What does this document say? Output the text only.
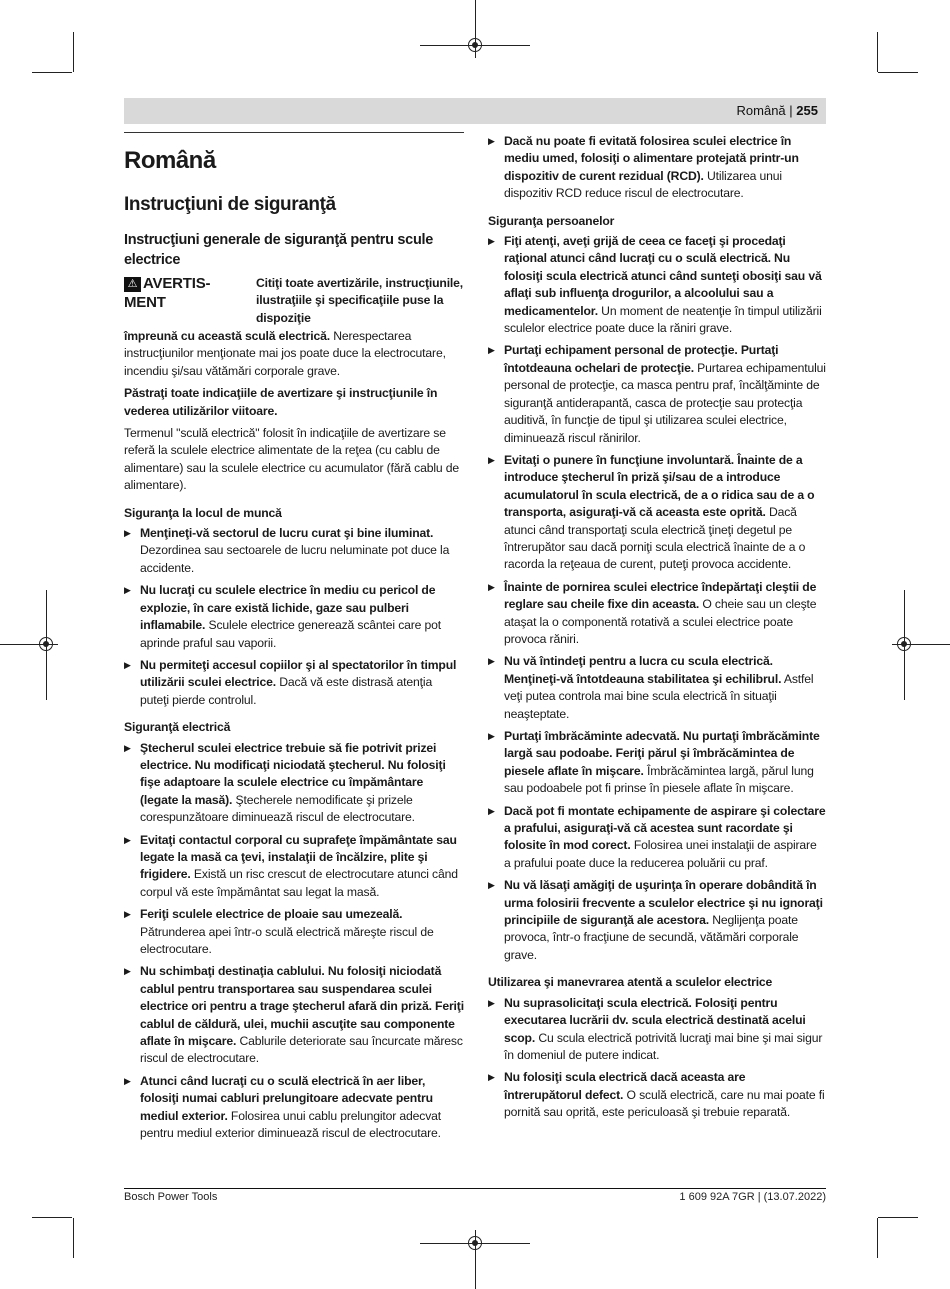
Română | 255
Română
Instrucţiuni de siguranţă
Instrucţiuni generale de siguranţă pentru scule electrice
⚠ AVERTIS-MENT
Citiţi toate avertizările, instrucţiunile, ilustraţiile şi specificaţiile puse la dispoziţie

împreună cu această sculă electrică. Nerespectarea instrucţiunilor menţionate mai jos poate duce la electrocutare, incendiu şi/sau vătămări corporale grave.

Păstraţi toate indicaţiile de avertizare şi instrucţiunile în vederea utilizărilor viitoare.

Termenul "sculă electrică" folosit în indicaţiile de avertizare se referă la sculele electrice alimentate de la reţea (cu cablu de alimentare) sau la sculele electrice cu acumulator (fără cablu de alimentare).

Siguranţa la locul de muncă
▶ Menţineţi-vă sectorul de lucru curat şi bine iluminat. Dezordinea sau sectoarele de lucru neluminate pot duce la accidente.
▶ Nu lucraţi cu sculele electrice în mediu cu pericol de explozie, în care există lichide, gaze sau pulberi inflamabile. Sculele electrice generează scântei care pot aprinde praful sau vaporii.
▶ Nu permiteţi accesul copiilor şi al spectatorilor în timpul utilizării sculei electrice. Dacă vă este distrasă atenţia puteţi pierde controlul.
Siguranţă electrică
▶ Ştecherul sculei electrice trebuie să fie potrivit prizei electrice. Nu modificaţi niciodată ştecherul. Nu folosiţi fişe adaptoare la sculele electrice cu împământare (legate la masă). Ştecherele nemodificate şi prizele corespunzătoare diminuează riscul de electrocutare.
▶ Evitaţi contactul corporal cu suprafeţe împământate sau legate la masă ca ţevi, instalaţii de încălzire, plite şi frigidere. Există un risc crescut de electrocutare atunci când corpul vă este împământat sau legat la masă.
▶ Feriţi sculele electrice de ploaie sau umezeală. Pătrunderea apei într-o sculă electrică măreşte riscul de electrocutare.
▶ Nu schimbaţi destinaţia cablului. Nu folosiţi niciodată cablul pentru transportarea sau suspendarea sculei electrice ori pentru a trage ştecherul afară din priză. Feriţi cablul de căldură, ulei, muchii ascuţite sau componente aflate în mişcare. Cablurile deteriorate sau încurcate măresc riscul de electrocutare.
▶ Atunci când lucraţi cu o sculă electrică în aer liber, folosiţi numai cabluri prelungitoare adecvate pentru mediul exterior. Folosirea unui cablu prelungitor adecvat pentru mediul exterior diminuează riscul de electrocutare.
▶ Dacă nu poate fi evitată folosirea sculei electrice în mediu umed, folosiţi o alimentare protejată printr-un dispozitiv de curent rezidual (RCD). Utilizarea unui dispozitiv RCD reduce riscul de electrocutare.
Siguranţa persoanelor
▶ Fiţi atenţi, aveţi grijă de ceea ce faceţi şi procedaţi raţional atunci când lucraţi cu o sculă electrică. Nu folosiţi scula electrică atunci când sunteţi obosiţi sau vă aflaţi sub influenţa drogurilor, a alcoolului sau a medicamentelor. Un moment de neatenţie în timpul utilizării sculelor electrice poate duce la răniri grave.
▶ Purtaţi echipament personal de protecţie. Purtaţi întotdeauna ochelari de protecţie. Purtarea echipamentului personal de protecţie, ca masca pentru praf, încălţăminte de siguranţă antiderapantă, casca de protecţie sau protecţia auditivă, în funcţie de tipul şi utilizarea sculei electrice, diminuează riscul rănirilor.
▶ Evitaţi o punere în funcţiune involuntară. Înainte de a introduce ştecherul în priză şi/sau de a introduce acumulatorul în scula electrică, de a o ridica sau de a o transporta, asiguraţi-vă că aceasta este oprită. Dacă atunci când transportaţi scula electrică ţineţi degetul pe întrerupător sau dacă porniţi scula electrică înainte de a o racorda la reţeaua de curent, puteţi provoca accidente.
▶ Înainte de pornirea sculei electrice îndepărtaţi cleştii de reglare sau cheile fixe din aceasta. O cheie sau un cleşte ataşat la o componentă rotativă a sculei electrice poate provoca răniri.
▶ Nu vă întindeţi pentru a lucra cu scula electrică. Menţineţi-vă întotdeauna stabilitatea şi echilibrul. Astfel veţi putea controla mai bine scula electrică în situaţii neaşteptate.
▶ Purtaţi îmbrăcăminte adecvată. Nu purtaţi îmbrăcăminte largă sau podoabe. Feriţi părul şi îmbrăcămintea de piesele aflate în mişcare. Îmbrăcămintea largă, părul lung sau podoabele pot fi prinse în piesele aflate în mişcare.
▶ Dacă pot fi montate echipamente de aspirare şi colectare a prafului, asiguraţi-vă că acestea sunt racordate şi folosite în mod corect. Folosirea unei instalaţii de aspirare a prafului poate duce la reducerea poluării cu praf.
▶ Nu vă lăsaţi amăgiţi de uşurinţa în operare dobândită în urma folosirii frecvente a sculelor electrice şi nu ignoraţi principiile de siguranţă ale acestora. Neglijenţa poate provoca, într-o fracţiune de secundă, vătămări corporale grave.
Utilizarea şi manevrarea atentă a sculelor electrice
▶ Nu suprasolicitaţi scula electrică. Folosiţi pentru executarea lucrării dv. scula electrică destinată acelui scop. Cu scula electrică potrivită lucraţi mai bine şi mai sigur în domeniul de putere indicat.
▶ Nu folosiţi scula electrică dacă aceasta are întrerupătorul defect. O sculă electrică, care nu mai poate fi pornită sau oprită, este periculoasă şi trebuie reparată.
Bosch Power Tools	1 609 92A 7GR | (13.07.2022)
